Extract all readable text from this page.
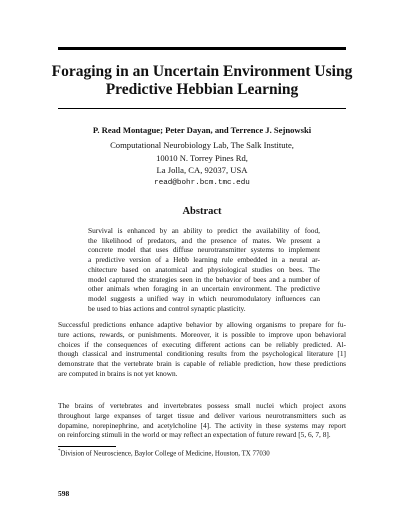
Foraging in an Uncertain Environment Using
Predictive Hebbian Learning
P. Read Montague; Peter Dayan, and Terrence J. Sejnowski
Computational Neurobiology Lab, The Salk Institute,
10010 N. Torrey Pines Rd,
La Jolla, CA, 92037, USA
read@bohr.bcm.tmc.edu
Abstract
Survival is enhanced by an ability to predict the availability of food,
the likelihood of predators, and the presence of mates. We present a
concrete model that uses diffuse neurotransmitter systems to implement
a predictive version of a Hebb learning rule embedded in a neural ar-
chitecture based on anatomical and physiological studies on bees. The
model captured the strategies seen in the behavior of bees and a number of
other animals when foraging in an uncertain environment. The predictive
model suggests a unified way in which neuromodulatory influences can
be used to bias actions and control synaptic plasticity.
Successful predictions enhance adaptive behavior by allowing organisms to prepare for fu-
ture actions, rewards, or punishments. Moreover, it is possible to improve upon behavioral
choices if the consequences of executing different actions can be reliably predicted. Al-
though classical and instrumental conditioning results from the psychological literature [1]
demonstrate that the vertebrate brain is capable of reliable prediction, how these predictions
are computed in brains is not yet known.
The brains of vertebrates and invertebrates possess small nuclei which project axons
throughout large expanses of target tissue and deliver various neurotransmitters such as
dopamine, norepinephrine, and acetylcholine [4]. The activity in these systems may report
on reinforcing stimuli in the world or may reflect an expectation of future reward [5, 6, 7, 8].
*Division of Neuroscience, Baylor College of Medicine, Houston, TX 77030
598
